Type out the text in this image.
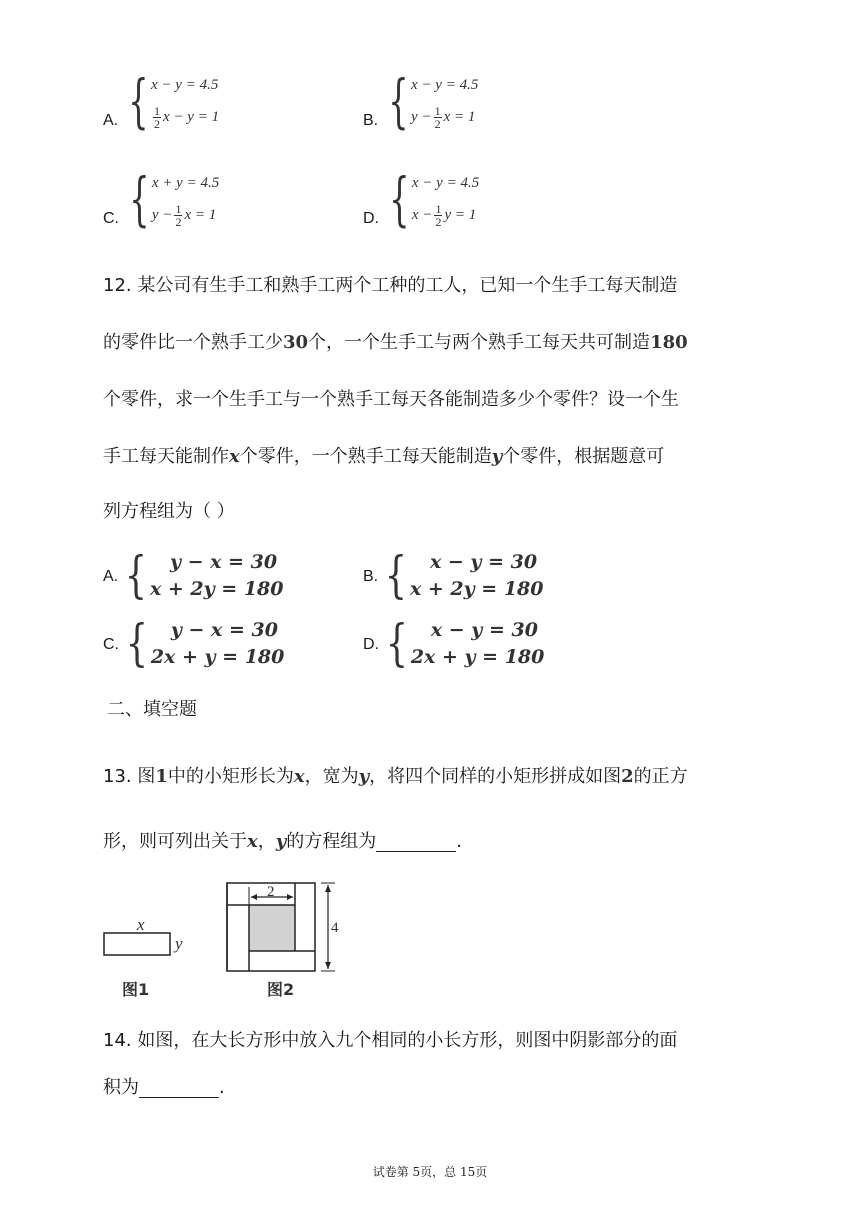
A. { x − y = 4.5
$\frac{1}{2}$ x − y = 1	B. { x − y = 4.5
$y - \frac{1}{2}$ x = 1
C. { x + y = 4.5
$y - \frac{1}{2}$ x = 1	D. { x − y = 4.5
$x - \frac{1}{2}$ y = 1
12. 某公司有生手工和熟手工两个工种的工人，已知一个生手工每天制造
的零件比一个熟手工少30个，一个生手工与两个熟手工每天共可制造180
个零件，求一个生手工与一个熟手工每天各能制造多少个零件？设一个生
手工每天能制作x个零件，一个熟手工每天能制造y个零件，根据题意可
列方程组为（ ）
A. {	y − x = 30
x + 2y = 180
B. {	x − y = 30
x + 2y = 180
C. {	y − x = 30
2x + y = 180
D. {	x − y = 30
2x + y = 180
二、填空题
13. 图1中的小矩形长为x，宽为y，将四个同样的小矩形拼成如图2的正方
形，则可列出关于x，y的方程组为	.
x
y
图1
2
4
图2
14. 如图，在大长方形中放入九个相同的小长方形，则图中阴影部分的面
积为	.
试卷第 5页，总 15页
